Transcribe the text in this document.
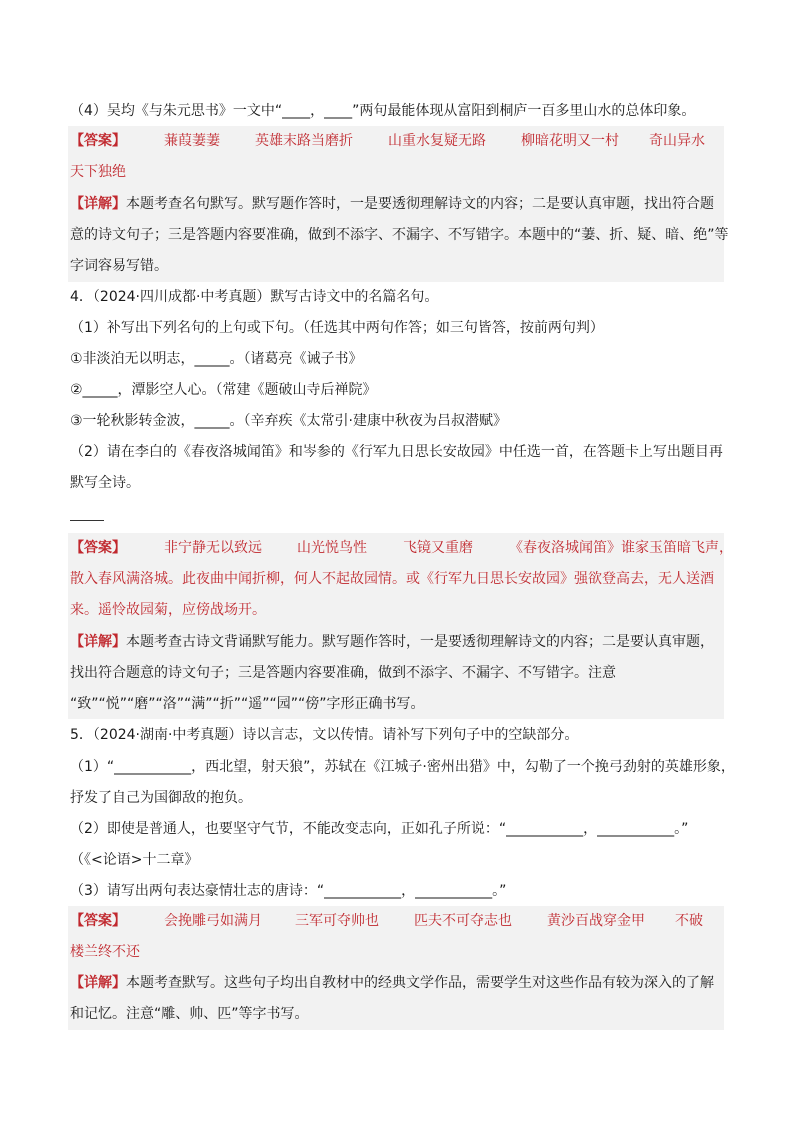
（4）吴均《与朱元思书》一文中“____，____”两句最能体现从富阳到桐庐一百多里山水的总体印象。
【答案】	蒹葭萋萋	英雄末路当磨折	山重水复疑无路	柳暗花明又一村 奇山异水
天下独绝
【详解】本题考查名句默写。默写题作答时，一是要透彻理解诗文的内容；二是要认真审题，找出符合题
意的诗文句子；三是答题内容要准确，做到不添字、不漏字、不写错字。本题中的“萋、折、疑、暗、绝”等
字词容易写错。
4．（2024·四川成都·中考真题）默写古诗文中的名篇名句。
（1）补写出下列名句的上句或下句。（任选其中两句作答；如三句皆答，按前两句判）
①非淡泊无以明志，_____。（诸葛亮《诫子书》
②_____，潭影空人心。（常建《题破山寺后禅院》
③一轮秋影转金波，_____。（辛弃疾《太常引·建康中秋夜为吕叔潜赋》
（2）请在李白的《春夜洛城闻笛》和岑参的《行军九日思长安故园》中任选一首，在答题卡上写出题目再
默写全诗。
【答案】	非宁静无以致远	山光悦鸟性	飞镜又重磨	《春夜洛城闻笛》谁家玉笛暗飞声，
散入春风满洛城。此夜曲中闻折柳，何人不起故园情。或《行军九日思长安故园》强欲登高去，无人送酒
来。遥怜故园菊，应傍战场开。
【详解】本题考查古诗文背诵默写能力。默写题作答时，一是要透彻理解诗文的内容；二是要认真审题，
找出符合题意的诗文句子；三是答题内容要准确，做到不添字、不漏字、不写错字。注意
“致”“悦”“磨”“洛”“满”“折”“遥”“园”“傍”字形正确书写。
5．（2024·湖南·中考真题）诗以言志，文以传情。请补写下列句子中的空缺部分。
（1）“___________，西北望，射天狼”，苏轼在《江城子·密州出猎》中，勾勒了一个挽弓劲射的英雄形象，
抒发了自己为国御敌的抱负。
（2）即使是普通人，也要坚守气节，不能改变志向，正如孔子所说：“___________，___________。”
（《<论语>十二章》
（3）请写出两句表达豪情壮志的唐诗：“___________，___________。”
【答案】	会挽雕弓如满月 三军可夺帅也	匹夫不可夺志也	黄沙百战穿金甲 不破
楼兰终不还
【详解】本题考查默写。这些句子均出自教材中的经典文学作品，需要学生对这些作品有较为深入的了解
和记忆。注意“雕、帅、匹”等字书写。
